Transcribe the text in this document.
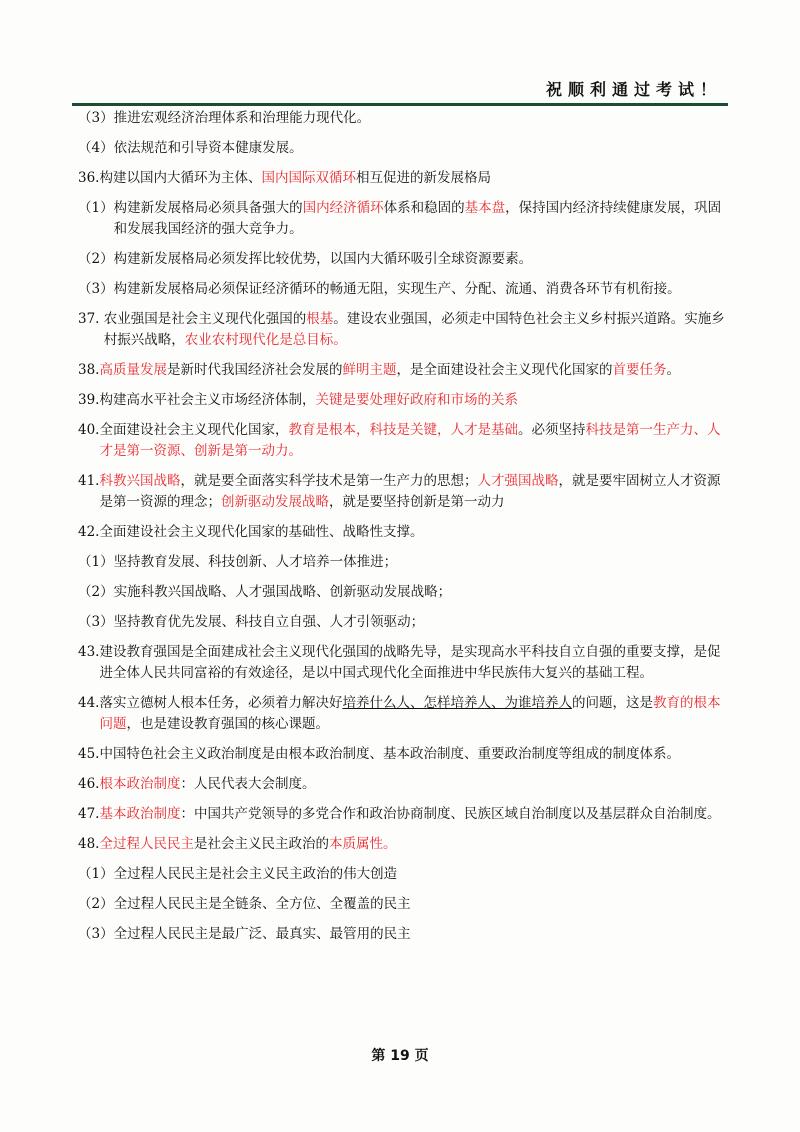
祝顺利通过考试！
（3） 推进宏观经济治理体系和治理能力现代化。
（4） 依法规范和引导资本健康发展。
36. 构建以国内大循环为主体、国内国际双循环相互促进的新发展格局
（1） 构建新发展格局必须具备强大的国内经济循环体系和稳固的基本盘，保持国内经济持续健康发展，巩固和发展我国经济的强大竞争力。
（2） 构建新发展格局必须发挥比较优势，以国内大循环吸引全球资源要素。
（3） 构建新发展格局必须保证经济循环的畅通无阻，实现生产、分配、流通、消费各环节有机衔接。
37. 农业强国是社会主义现代化强国的根基。建设农业强国，必须走中国特色社会主义乡村振兴道路。实施乡村振兴战略，农业农村现代化是总目标。
38. 高质量发展是新时代我国经济社会发展的鲜明主题，是全面建设社会主义现代化国家的首要任务。
39. 构建高水平社会主义市场经济体制，关键是要处理好政府和市场的关系
40. 全面建设社会主义现代化国家，教育是根本，科技是关键，人才是基础。必须坚持科技是第一生产力、人才是第一资源、创新是第一动力。
41. 科教兴国战略，就是要全面落实科学技术是第一生产力的思想；人才强国战略，就是要牢固树立人才资源是第一资源的理念；创新驱动发展战略，就是要坚持创新是第一动力
42. 全面建设社会主义现代化国家的基础性、战略性支撑。
（1） 坚持教育发展、科技创新、人才培养一体推进；
（2） 实施科教兴国战略、人才强国战略、创新驱动发展战略；
（3） 坚持教育优先发展、科技自立自强、人才引领驱动；
43. 建设教育强国是全面建成社会主义现代化强国的战略先导，是实现高水平科技自立自强的重要支撑，是促进全体人民共同富裕的有效途径，是以中国式现代化全面推进中华民族伟大复兴的基础工程。
44. 落实立德树人根本任务，必须着力解决好培养什么人、怎样培养人、为谁培养人的问题，这是教育的根本问题，也是建设教育强国的核心课题。
45. 中国特色社会主义政治制度是由根本政治制度、基本政治制度、重要政治制度等组成的制度体系。
46. 根本政治制度：人民代表大会制度。
47. 基本政治制度：中国共产党领导的多党合作和政治协商制度、民族区域自治制度以及基层群众自治制度。
48. 全过程人民民主是社会主义民主政治的本质属性。
（1） 全过程人民民主是社会主义民主政治的伟大创造
（2） 全过程人民民主是全链条、全方位、全覆盖的民主
（3） 全过程人民民主是最广泛、最真实、最管用的民主
第 19 页
